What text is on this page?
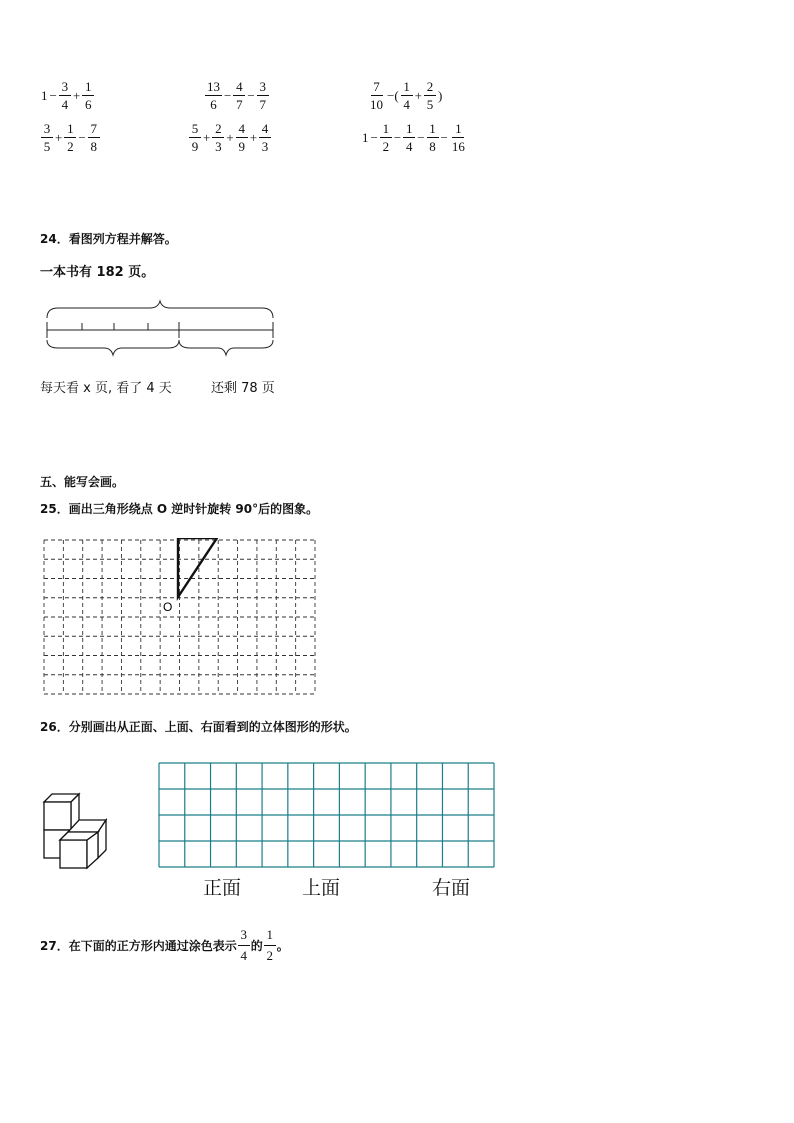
$1 - \frac{3}{4} + \frac{1}{6}$	$\frac{13}{6} - \frac{4}{7} - \frac{3}{7}$	$\frac{7}{10}$ −( $\frac{1}{4} + \frac{2}{5}$ )
$\frac{3}{5} + \frac{1}{2} - \frac{7}{8}$	$\frac{5}{9} + \frac{2}{3} + \frac{4}{9} + \frac{4}{3}$	$1 - \frac{1}{2} - \frac{1}{4} - \frac{1}{8} - \frac{1}{16}$
24．看图列方程并解答。
一本书有 182 页。
每天看 x 页, 看了 4 天	还剩 78 页
五、能写会画。
25．画出三角形绕点 O 逆时针旋转 90°后的图象。
O
26．分别画出从正面、上面、右面看到的立体图形的形状。
正面	上面	右面
27．在下面的正方形内通过涂色表示 $\frac{3}{4}$ 的 $\frac{1}{2}$ 。
